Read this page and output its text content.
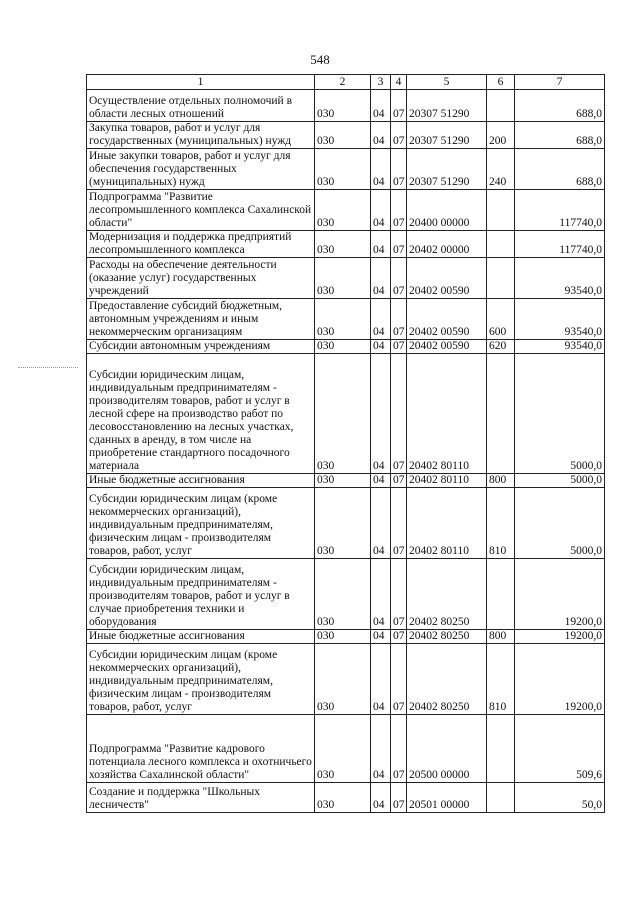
548
1	2	3	4	5	6	7
Осуществление отдельных полномочий в области лесных отношений	030	04	07	20307 51290		688,0
Закупка товаров, работ и услуг для государственных (муниципальных) нужд	030	04	07	20307 51290	200	688,0
Иные закупки товаров, работ и услуг для обеспечения государственных (муниципальных) нужд	030	04	07	20307 51290	240	688,0
Подпрограмма "Развитие лесопромышленного комплекса Сахалинской области"	030	04	07	20400 00000		117740,0
Модернизация и поддержка предприятий лесопромышленного комплекса	030	04	07	20402 00000		117740,0
Расходы на обеспечение деятельности (оказание услуг) государственных учреждений	030	04	07	20402 00590		93540,0
Предоставление субсидий бюджетным, автономным учреждениям и иным некоммерческим организациям	030	04	07	20402 00590	600	93540,0
Субсидии автономным учреждениям	030	04	07	20402 00590	620	93540,0
Субсидии юридическим лицам, индивидуальным предпринимателям - производителям товаров, работ и услуг в лесной сфере на производство работ по лесовосстановлению на лесных участках, сданных в аренду, в том числе на приобретение стандартного посадочного материала	030	04	07	20402 80110		5000,0
Иные бюджетные ассигнования	030	04	07	20402 80110	800	5000,0
Субсидии юридическим лицам (кроме некоммерческих организаций), индивидуальным предпринимателям, физическим лицам - производителям товаров, работ, услуг	030	04	07	20402 80110	810	5000,0
Субсидии юридическим лицам, индивидуальным предпринимателям - производителям товаров, работ и услуг в случае приобретения техники и оборудования	030	04	07	20402 80250		19200,0
Иные бюджетные ассигнования	030	04	07	20402 80250	800	19200,0
Субсидии юридическим лицам (кроме некоммерческих организаций), индивидуальным предпринимателям, физическим лицам - производителям товаров, работ, услуг	030	04	07	20402 80250	810	19200,0
Подпрограмма "Развитие кадрового потенциала лесного комплекса и охотничьего хозяйства Сахалинской области"	030	04	07	20500 00000		509,6
Создание и поддержка "Школьных лесничеств"	030	04	07	20501 00000		50,0
